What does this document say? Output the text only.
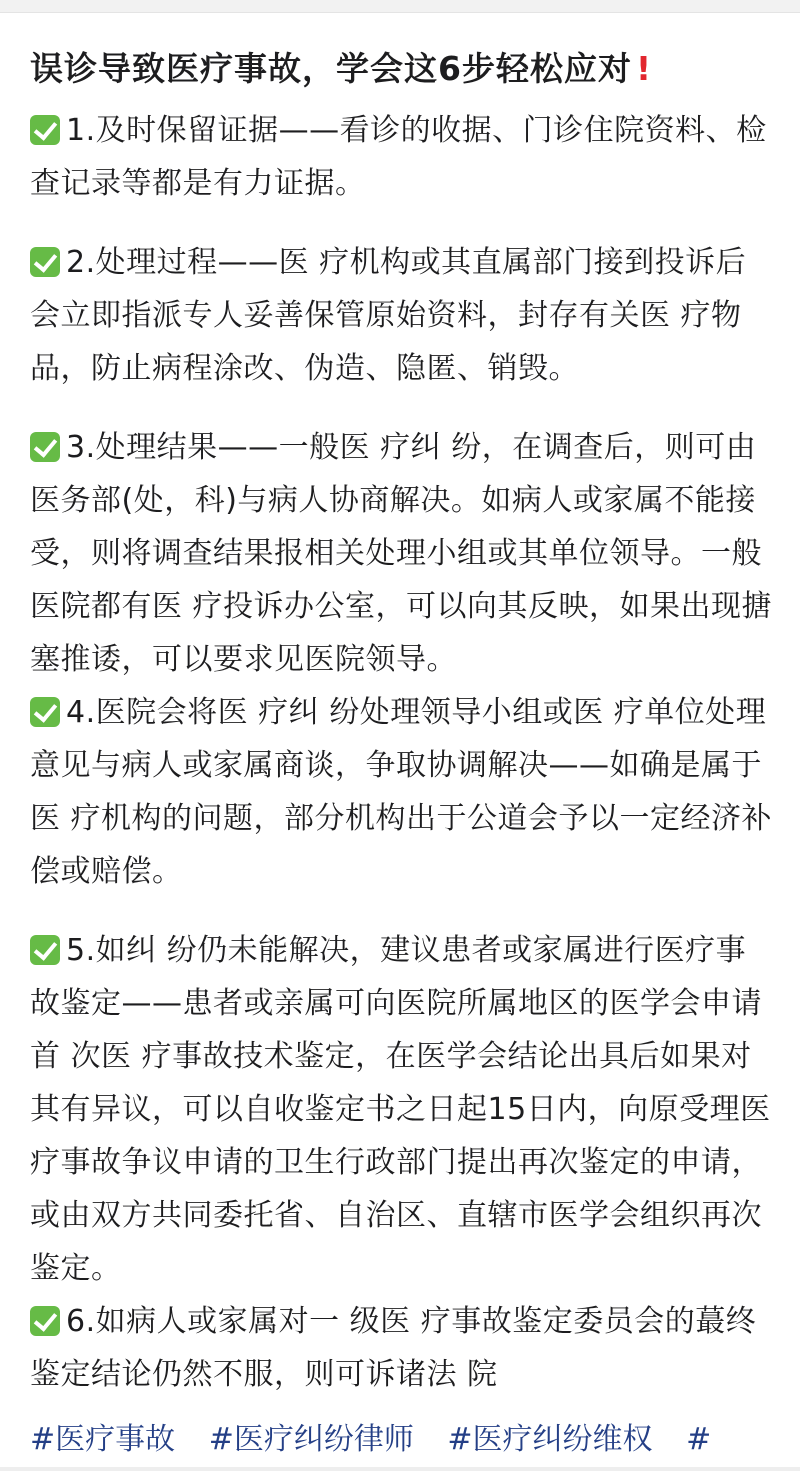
误诊导致医疗事故，学会这6步轻松应对 !

1.及时保留证据——看诊的收据、门诊住院资料、检查记录等都是有力证据。

2.处理过程——医 疗机构或其直属部门接到投诉后会立即指派专人妥善保管原始资料，封存有关医 疗物品，防止病程涂改、伪造、隐匿、销毁。

3.处理结果——一般医 疗纠 纷，在调查后，则可由医务部(处，科)与病人协商解决。如病人或家属不能接受，则将调查结果报相关处理小组或其单位领导。一般医院都有医 疗投诉办公室，可以向其反映，如果出现搪塞推诿，可以要求见医院领导。

4.医院会将医 疗纠 纷处理领导小组或医 疗单位处理意见与病人或家属商谈，争取协调解决——如确是属于医 疗机构的问题，部分机构出于公道会予以一定经济补偿或赔偿。

5.如纠 纷仍未能解决，建议患者或家属进行医疗事故鉴定——患者或亲属可向医院所属地区的医学会申请首 次医 疗事故技术鉴定，在医学会结论出具后如果对其有异议，可以自收鉴定书之日起15日内，向原受理医 疗事故争议申请的卫生行政部门提出再次鉴定的申请，或由双方共同委托省、自治区、直辖市医学会组织再次鉴定。

6.如病人或家属对一 级医 疗事故鉴定委员会的蕞终鉴定结论仍然不服，则可诉诸法 院

#医疗事故 #医疗纠纷律师 #医疗纠纷维权 #
